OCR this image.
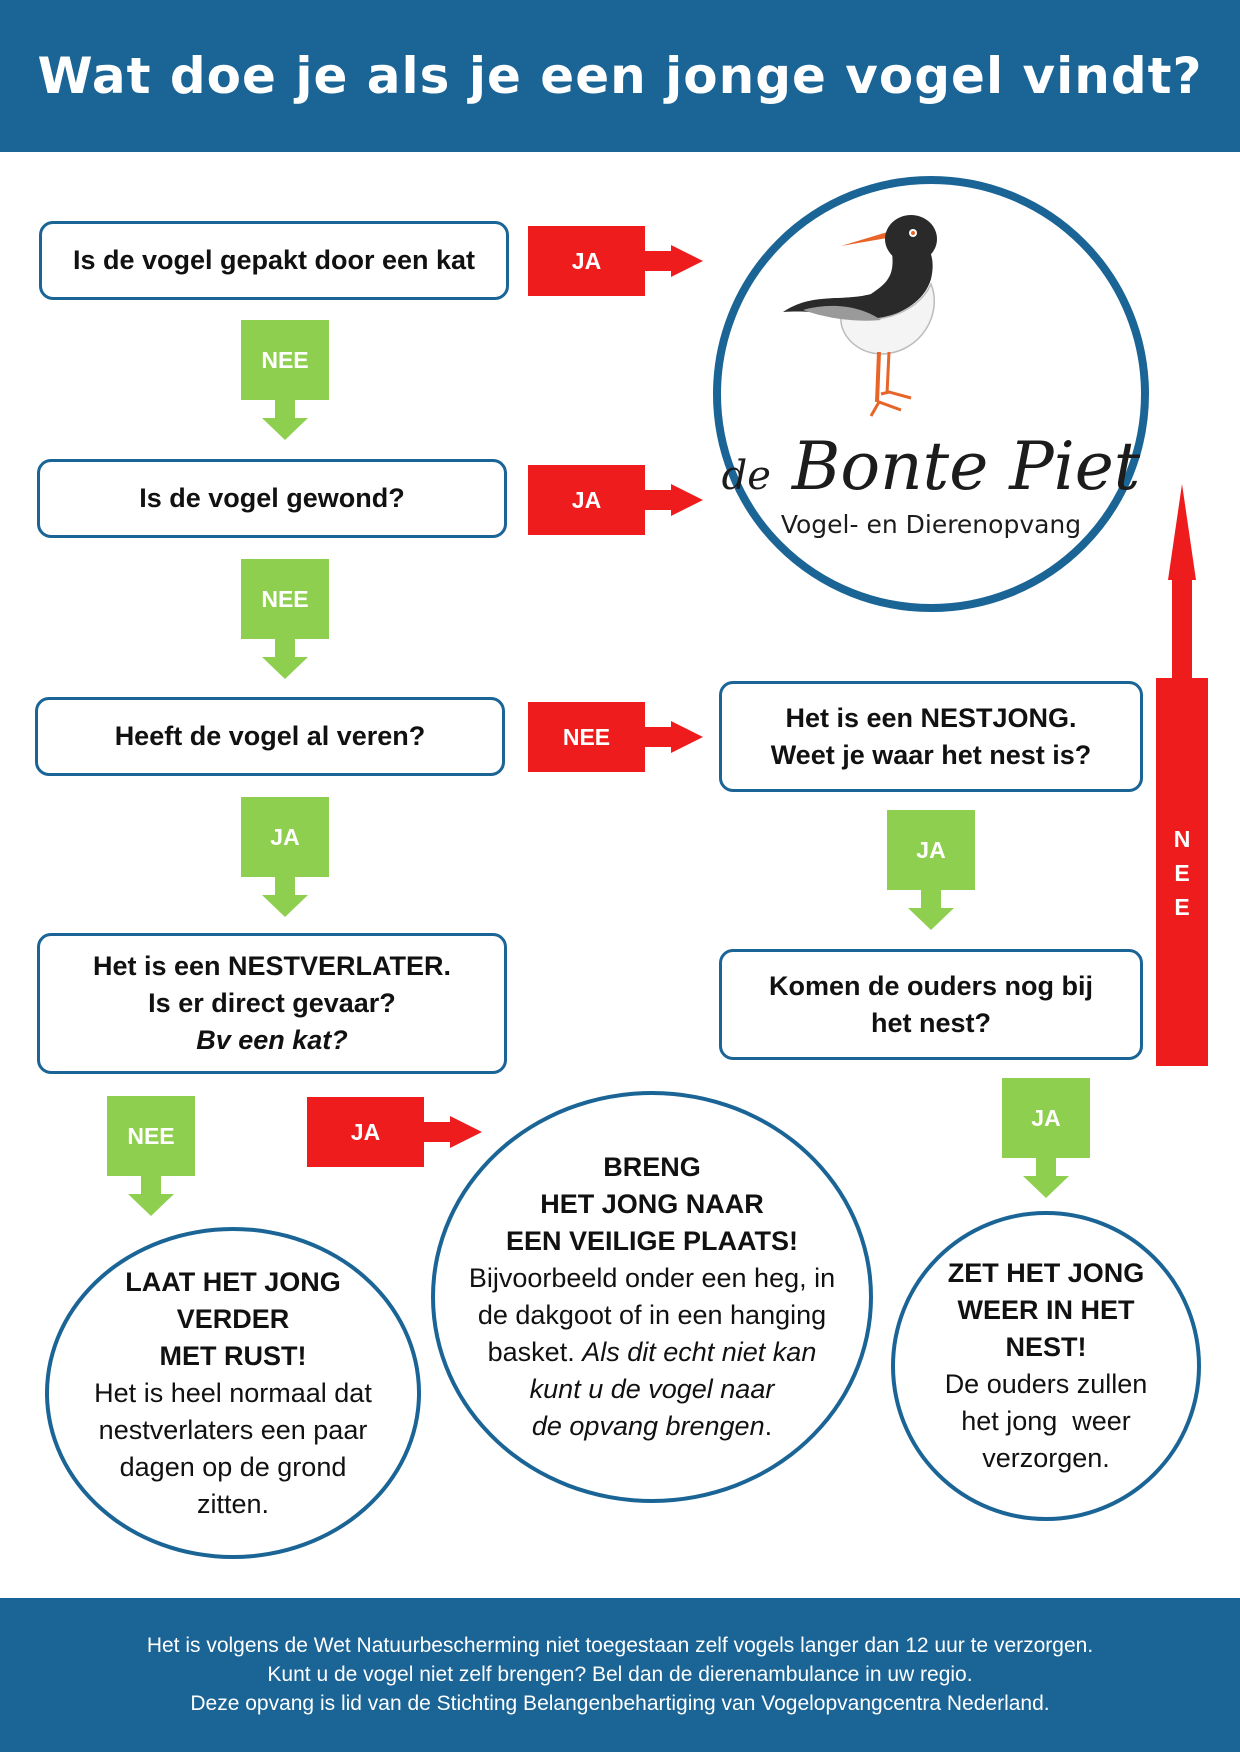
Wat doe je als je een jonge vogel vindt?
Is de vogel gepakt door een kat
Is de vogel gewond?
Heeft de vogel al veren?
Het is een NESTVERLATER.
Is er direct gevaar?
Bv een kat?
Het is een NESTJONG.
Weet je waar het nest is?
Komen de ouders nog bij
het nest?
JA
JA
NEE
JA
NEE
NEE
JA
NEE
JA
JA
N
E
E
de Bonte Piet
Vogel- en Dierenopvang
LAAT HET JONG
VERDER
MET RUST!
Het is heel normaal dat
nestverlaters een paar
dagen op de grond
zitten.
BRENG
HET JONG NAAR
EEN VEILIGE PLAATS!
Bijvoorbeeld onder een heg, in
de dakgoot of in een hanging
basket. Als dit echt niet kan
kunt u de vogel naar
de opvang brengen.
ZET HET JONG
WEER IN HET
NEST!
De ouders zullen
het jong  weer
verzorgen.
Het is volgens de Wet Natuurbescherming niet toegestaan zelf vogels langer dan 12 uur te verzorgen.
Kunt u de vogel niet zelf brengen? Bel dan de dierenambulance in uw regio.
Deze opvang is lid van de Stichting Belangenbehartiging van Vogelopvangcentra Nederland.
